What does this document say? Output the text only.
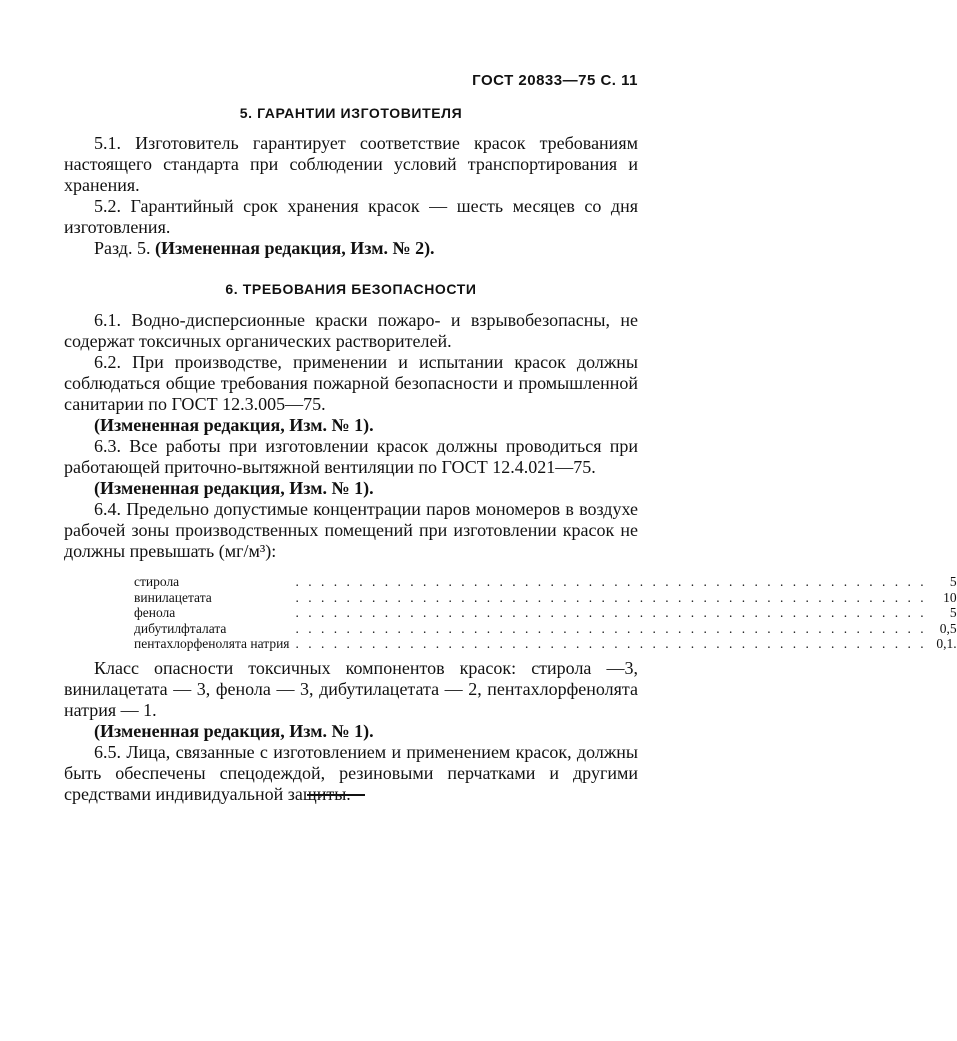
ГОСТ 20833—75 С. 11
5. ГАРАНТИИ ИЗГОТОВИТЕЛЯ

5.1. Изготовитель гарантирует соответствие красок требованиям настоящего стандарта при соблюдении условий транспортирования и хранения.

5.2. Гарантийный срок хранения красок — шесть месяцев со дня изготовления.

Разд. 5. (Измененная редакция, Изм. № 2).

6. ТРЕБОВАНИЯ БЕЗОПАСНОСТИ

6.1. Водно-дисперсионные краски пожаро- и взрывобезопасны, не содержат токсичных органических растворителей.

6.2. При производстве, применении и испытании красок должны соблюдаться общие требования пожарной безопасности и промышленной санитарии по ГОСТ 12.3.005—75.

(Измененная редакция, Изм. № 1).

6.3. Все работы при изготовлении красок должны проводиться при работающей приточно-вытяжной вентиляции по ГОСТ 12.4.021—75.

(Измененная редакция, Изм. № 1).

6.4. Предельно допустимые концентрации паров мономеров в воздухе рабочей зоны производственных помещений при изготовлении красок не должны превышать (мг/м³):

стирола	. . .	5
винилацетата	. . .	10
фенола	. . .	5
дибутилфталата	. . .	0,5
пентахлорфенолята натрия	. . .	0,1.

Класс опасности токсичных компонентов красок: стирола —3, винилацетата — 3, фенола — 3, дибутилацетата — 2, пентахлорфенолята натрия — 1.

(Измененная редакция, Изм. № 1).

6.5. Лица, связанные с изготовлением и применением красок, должны быть обеспечены спецодеждой, резиновыми перчатками и другими средствами индивидуальной защиты.
